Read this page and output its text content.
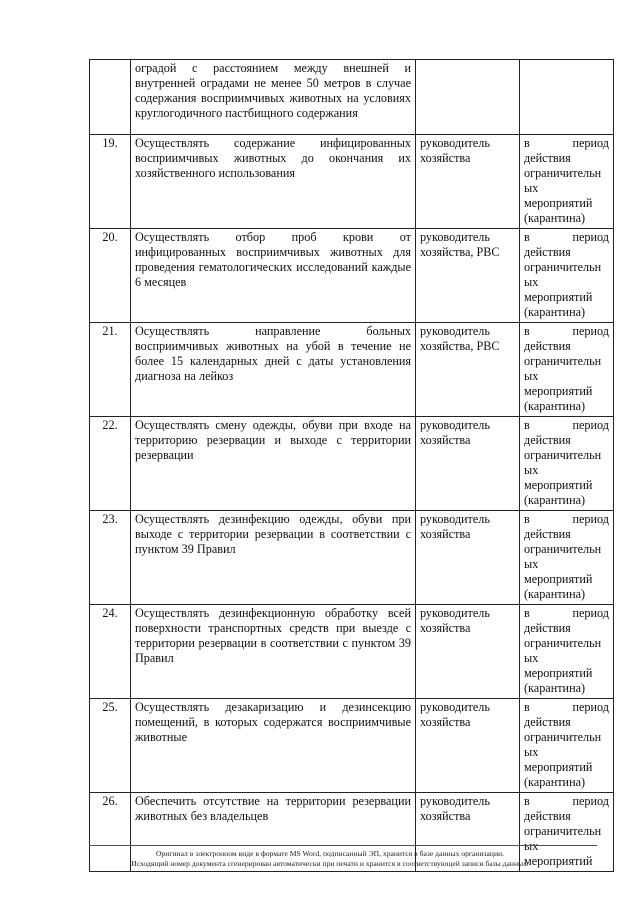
	оградой с расстоянием между внешней и внутренней оградами не менее 50 метров в случае содержания восприимчивых животных на условиях круглогодичного пастбищного содержания		
19.	Осуществлять содержание инфицированных восприимчивых животных до окончания их хозяйственного использования	руководитель хозяйства	в период действия ограничительн ых мероприятий (карантина)
20.	Осуществлять отбор проб крови от инфицированных восприимчивых животных для проведения гематологических исследований каждые 6 месяцев	руководитель хозяйства, РВС	в период действия ограничительн ых мероприятий (карантина)
21.	Осуществлять направление больных восприимчивых животных на убой в течение не более 15 календарных дней с даты установления диагноза на лейкоз	руководитель хозяйства, РВС	в период действия ограничительн ых мероприятий (карантина)
22.	Осуществлять смену одежды, обуви при входе на территорию резервации и выходе с территории резервации	руководитель хозяйства	в период действия ограничительн ых мероприятий (карантина)
23.	Осуществлять дезинфекцию одежды, обуви при выходе с территории резервации в соответствии с пунктом 39 Правил	руководитель хозяйства	в период действия ограничительн ых мероприятий (карантина)
24.	Осуществлять дезинфекционную обработку всей поверхности транспортных средств при выезде с территории резервации в соответствии с пунктом 39 Правил	руководитель хозяйства	в период действия ограничительн ых мероприятий (карантина)
25.	Осуществлять дезакаризацию и дезинсекцию помещений, в которых содержатся восприимчивые животные	руководитель хозяйства	в период действия ограничительн ых мероприятий (карантина)
26.	Обеспечить отсутствие на территории резервации животных без владельцев	руководитель хозяйства	в период действия ограничительн ых мероприятий
Оригинал в электронном виде в формате MS Word, подписанный ЭП, хранится в базе данных организации.
Исходящий номер документа сгенерирован автоматически при печати и хранится в соответствующей записи базы данных.
